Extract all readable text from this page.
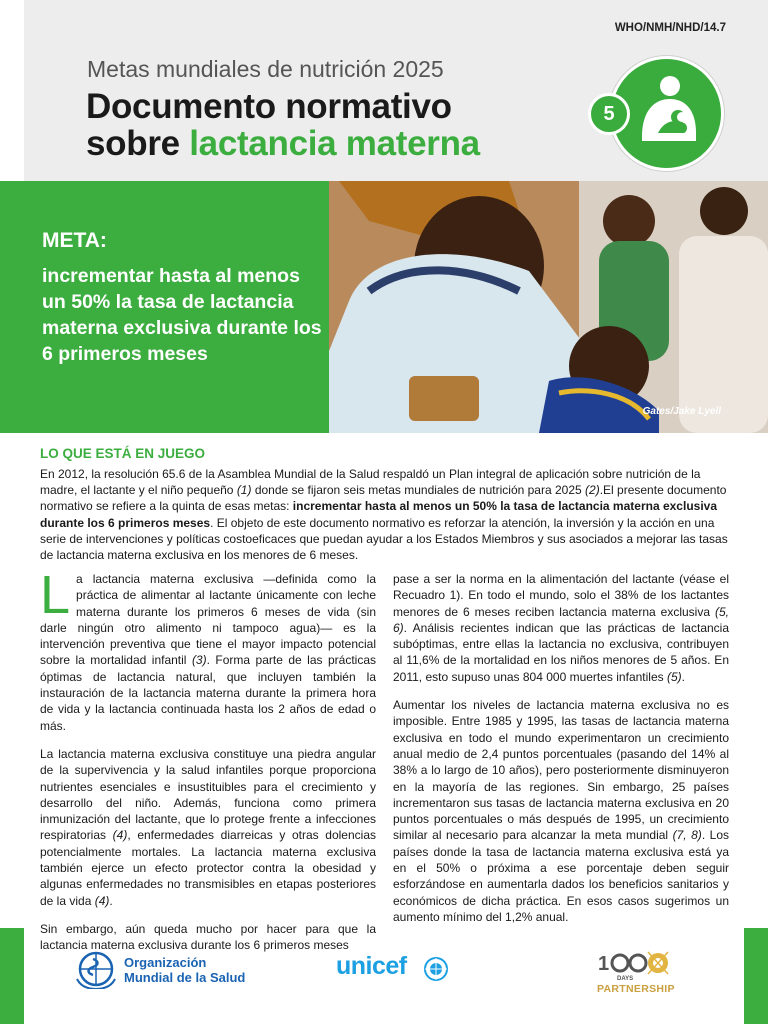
WHO/NMH/NHD/14.7
Metas mundiales de nutrición 2025
Documento normativo
sobre lactancia materna
5
META:
incrementar hasta al menos un 50% la tasa de lactancia materna exclusiva durante los 6 primeros meses
Gates/Jake Lyell
LO QUE ESTÁ EN JUEGO
En 2012, la resolución 65.6 de la Asamblea Mundial de la Salud respaldó un Plan integral de aplicación sobre nutrición de la madre, el lactante y el niño pequeño (1) donde se fijaron seis metas mundiales de nutrición para 2025 (2).El presente documento normativo se refiere a la quinta de esas metas: incrementar hasta al menos un 50% la tasa de lactancia materna exclusiva durante los 6 primeros meses. El objeto de este documento normativo es reforzar la atención, la inversión y la acción en una serie de intervenciones y políticas costoeficaces que puedan ayudar a los Estados Miembros y sus asociados a mejorar las tasas de lactancia materna exclusiva en los menores de 6 meses.

La lactancia materna exclusiva —definida como la práctica de alimentar al lactante únicamente con leche materna durante los primeros 6 meses de vida (sin darle ningún otro alimento ni tampoco agua)— es la intervención preventiva que tiene el mayor impacto potencial sobre la mortalidad infantil (3). Forma parte de las prácticas óptimas de lactancia natural, que incluyen también la instauración de la lactancia materna durante la primera hora de vida y la lactancia continuada hasta los 2 años de edad o más.

La lactancia materna exclusiva constituye una piedra angular de la supervivencia y la salud infantiles porque proporciona nutrientes esenciales e insustituibles para el crecimiento y desarrollo del niño. Además, funciona como primera inmunización del lactante, que lo protege frente a infecciones respiratorias (4), enfermedades diarreicas y otras dolencias potencialmente mortales. La lactancia materna exclusiva también ejerce un efecto protector contra la obesidad y algunas enfermedades no transmisibles en etapas posteriores de la vida (4).

Sin embargo, aún queda mucho por hacer para que la lactancia materna exclusiva durante los 6 primeros meses

pase a ser la norma en la alimentación del lactante (véase el Recuadro 1). En todo el mundo, solo el 38% de los lactantes menores de 6 meses reciben lactancia materna exclusiva (5, 6). Análisis recientes indican que las prácticas de lactancia subóptimas, entre ellas la lactancia no exclusiva, contribuyen al 11,6% de la mortalidad en los niños menores de 5 años. En 2011, esto supuso unas 804 000 muertes infantiles (5).

Aumentar los niveles de lactancia materna exclusiva no es imposible. Entre 1985 y 1995, las tasas de lactancia materna exclusiva en todo el mundo experimentaron un crecimiento anual medio de 2,4 puntos porcentuales (pasando del 14% al 38% a lo largo de 10 años), pero posteriormente disminuyeron en la mayoría de las regiones. Sin embargo, 25 países incrementaron sus tasas de lactancia materna exclusiva en 20 puntos porcentuales o más después de 1995, un crecimiento similar al necesario para alcanzar la meta mundial (7, 8). Los países donde la tasa de lactancia materna exclusiva está ya en el 50% o próxima a ese porcentaje deben seguir esforzándose en aumentarla dados los beneficios sanitarios y económicos de dicha práctica. En esos casos sugerimos un aumento mínimo del 1,2% anual.

Organización
Mundial de la Salud	unicef	1
DAYS
PARTNERSHIP
